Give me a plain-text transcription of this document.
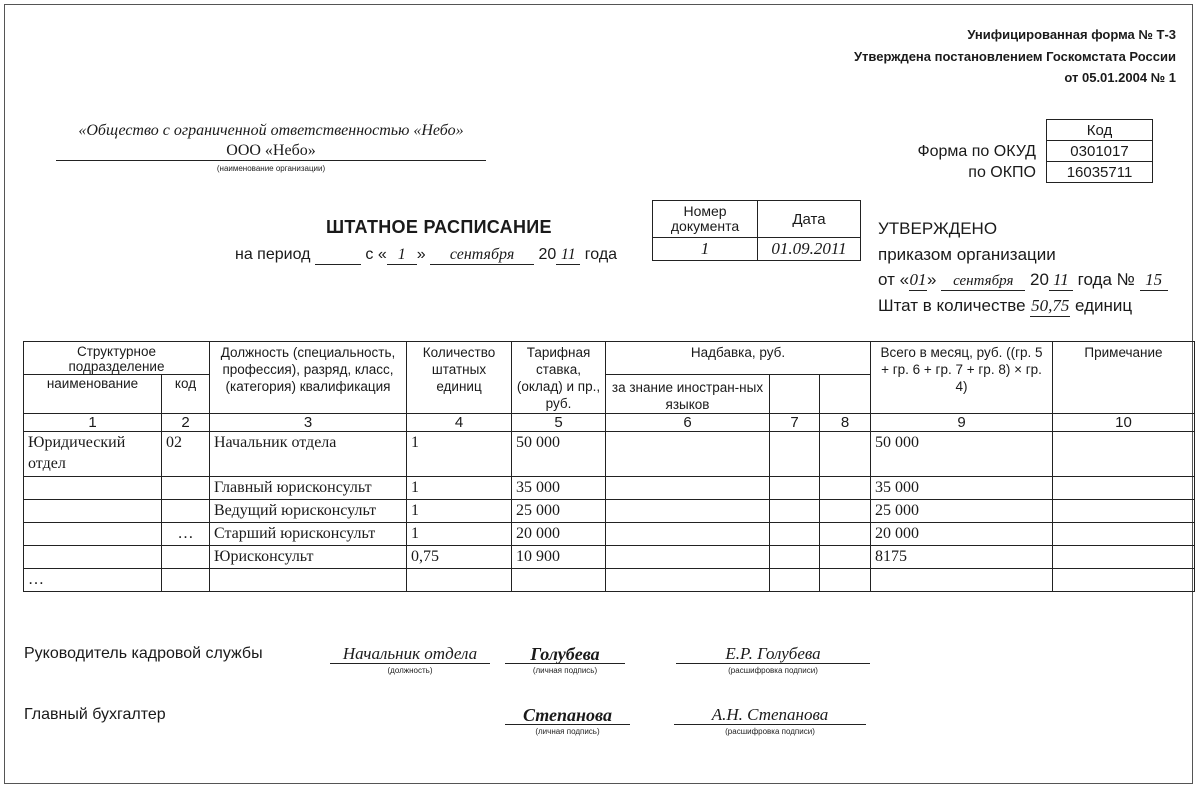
Унифицированная форма № Т-3
Утверждена постановлением Госкомстата России
от 05.01.2004 № 1
«Общество с ограниченной ответственностью «Небо»
ООО «Небо»
(наименование организации)
Форма по ОКУД
по ОКПО
Код
0301017
16035711
ШТАТНОЕ РАСПИСАНИЕ
на период	с « 1 » сентября 20 11 года
Номер документа	Дата
1	01.09.2011
УТВЕРЖДЕНО
приказом организации
от «01» сентября 20 11 года № 15
Штат в количестве 50,75 единиц
Структурное подразделение		Должность (специальность, профессия), разряд, класс, (категория) квалификация	Количество штатных единиц	Тарифная ставка, (оклад) и пр., руб.	Надбавка, руб.			Всего в месяц, руб. ((гр. 5 + гр. 6 + гр. 7 + гр. 8) × гр. 4)	Примечание
наименование	код				за знание иностран-ных языков				
1	2	3	4	5	6	7	8	9	10
Юридический отдел	02	Начальник отдела	1	50 000				50 000	
		Главный юрисконсульт	1	35 000				35 000	
		Ведущий юрисконсульт	1	25 000				25 000	
	…	Старший юрисконсульт	1	20 000				20 000	
		Юрисконсульт	0,75	10 900				8175	
…									
Руководитель кадровой службы	Начальник отдела
(должность)
Голубева
(личная подпись)
Е.Р. Голубева
(расшифровка подписи)
Главный бухгалтер	Степанова
(личная подпись)
А.Н. Степанова
(расшифровка подписи)
